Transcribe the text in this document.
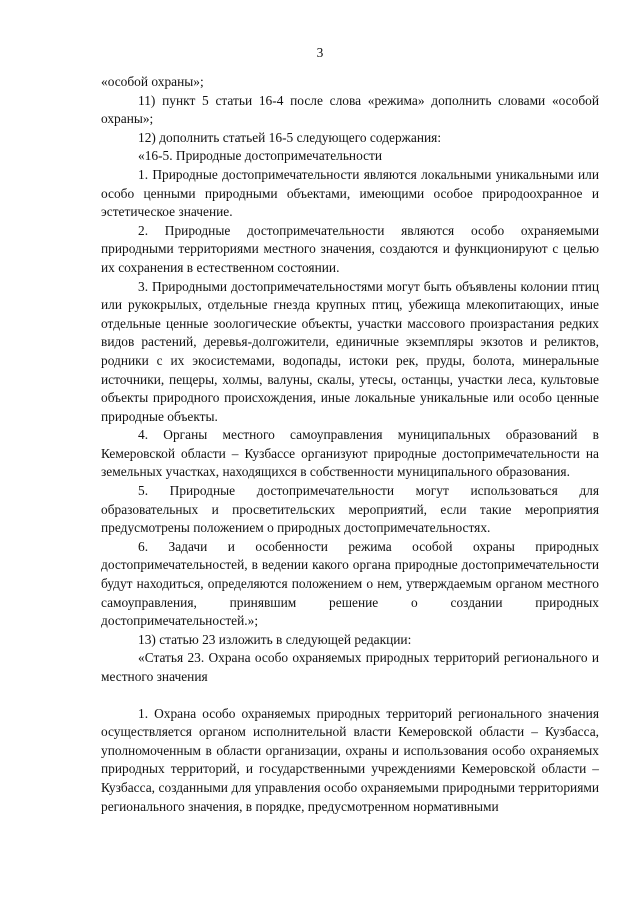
3

«особой охраны»;

11) пункт 5 статьи 16-4 после слова «режима» дополнить словами «особой охраны»;

12) дополнить статьей 16-5 следующего содержания:

«16-5. Природные достопримечательности

1. Природные достопримечательности являются локальными уникальными или особо ценными природными объектами, имеющими особое природоохранное и эстетическое значение.

2. Природные достопримечательности являются особо охраняемыми природными территориями местного значения, создаются и функционируют с целью их сохранения в естественном состоянии.

3. Природными достопримечательностями могут быть объявлены колонии птиц или рукокрылых, отдельные гнезда крупных птиц, убежища млекопитающих, иные отдельные ценные зоологические объекты, участки массового произрастания редких видов растений, деревья-долгожители, единичные экземпляры экзотов и реликтов, родники с их экосистемами, водопады, истоки рек, пруды, болота, минеральные источники, пещеры, холмы, валуны, скалы, утесы, останцы, участки леса, культовые объекты природного происхождения, иные локальные уникальные или особо ценные природные объекты.

4. Органы местного самоуправления муниципальных образований в Кемеровской области – Кузбассе организуют природные достопримечательности на земельных участках, находящихся в собственности муниципального образования.

5. Природные достопримечательности могут использоваться для образовательных и просветительских мероприятий, если такие мероприятия предусмотрены положением о природных достопримечательностях.

6. Задачи и особенности режима особой охраны природных достопримечательностей, в ведении какого органа природные достопримечательности будут находиться, определяются положением о нем, утверждаемым органом местного самоуправления, принявшим решение о создании природных достопримечательностей.»;

13) статью 23 изложить в следующей редакции:

«Статья 23. Охрана особо охраняемых природных территорий регионального и местного значения

1. Охрана особо охраняемых природных территорий регионального значения осуществляется органом исполнительной власти Кемеровской области – Кузбасса, уполномоченным в области организации, охраны и использования особо охраняемых природных территорий, и государственными учреждениями Кемеровской области – Кузбасса, созданными для управления особо охраняемыми природными территориями регионального значения, в порядке, предусмотренном нормативными
